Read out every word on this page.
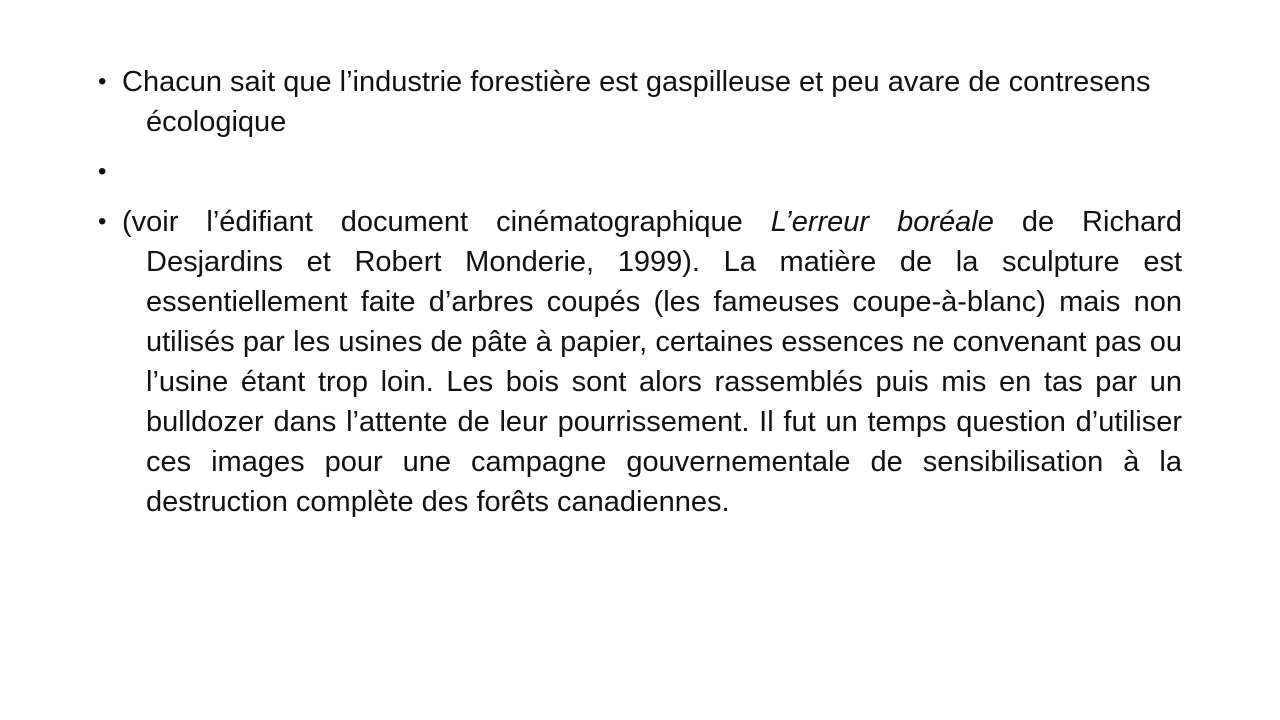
• Chacun sait que l’industrie forestière est gaspilleuse et peu avare de contresens écologique
•
• (voir l’édifiant document cinématographique L’erreur boréale de Richard Desjardins et Robert Monderie, 1999). La matière de la sculpture est essentiellement faite d’arbres coupés (les fameuses coupe-à-blanc) mais non utilisés par les usines de pâte à papier, certaines essences ne convenant pas ou l’usine étant trop loin. Les bois sont alors rassemblés puis mis en tas par un bulldozer dans l’attente de leur pourrissement. Il fut un temps question d’utiliser ces images pour une campagne gouvernementale de sensibilisation à la destruction complète des forêts canadiennes.
